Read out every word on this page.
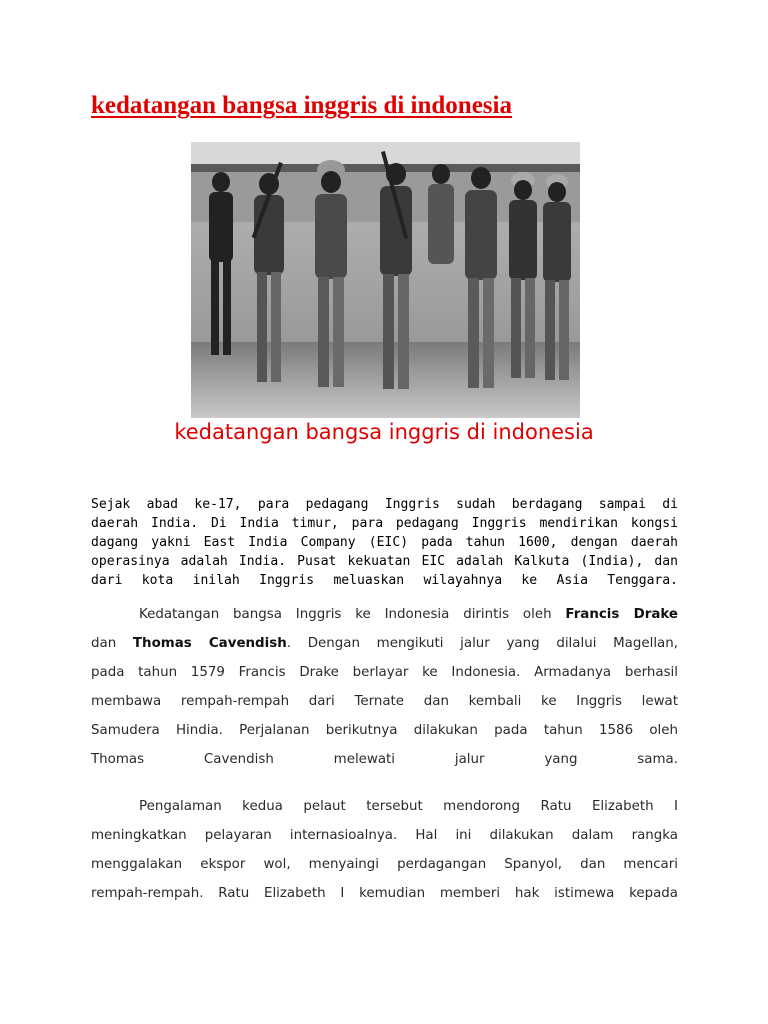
kedatangan bangsa inggris di indonesia
kedatangan bangsa inggris di indonesia
Sejak abad ke-17, para pedagang Inggris sudah berdagang sampai di
daerah India. Di India timur, para pedagang Inggris mendirikan kongsi
dagang yakni East India Company (EIC) pada tahun 1600, dengan daerah
operasinya adalah India. Pusat kekuatan EIC adalah Kalkuta (India), dan
dari kota inilah Inggris meluaskan wilayahnya ke Asia Tenggara.
Kedatangan bangsa Inggris ke Indonesia dirintis oleh Francis Drake
dan Thomas Cavendish. Dengan mengikuti jalur yang dilalui Magellan,
pada tahun 1579 Francis Drake berlayar ke Indonesia. Armadanya berhasil
membawa rempah-rempah dari Ternate dan kembali ke Inggris lewat
Samudera Hindia. Perjalanan berikutnya dilakukan pada tahun 1586 oleh
Thomas Cavendish melewati jalur yang sama.
Pengalaman kedua pelaut tersebut mendorong Ratu Elizabeth I
meningkatkan pelayaran internasioalnya. Hal ini dilakukan dalam rangka
menggalakan ekspor wol, menyaingi perdagangan Spanyol, dan mencari
rempah-rempah. Ratu Elizabeth I kemudian memberi hak istimewa kepada
